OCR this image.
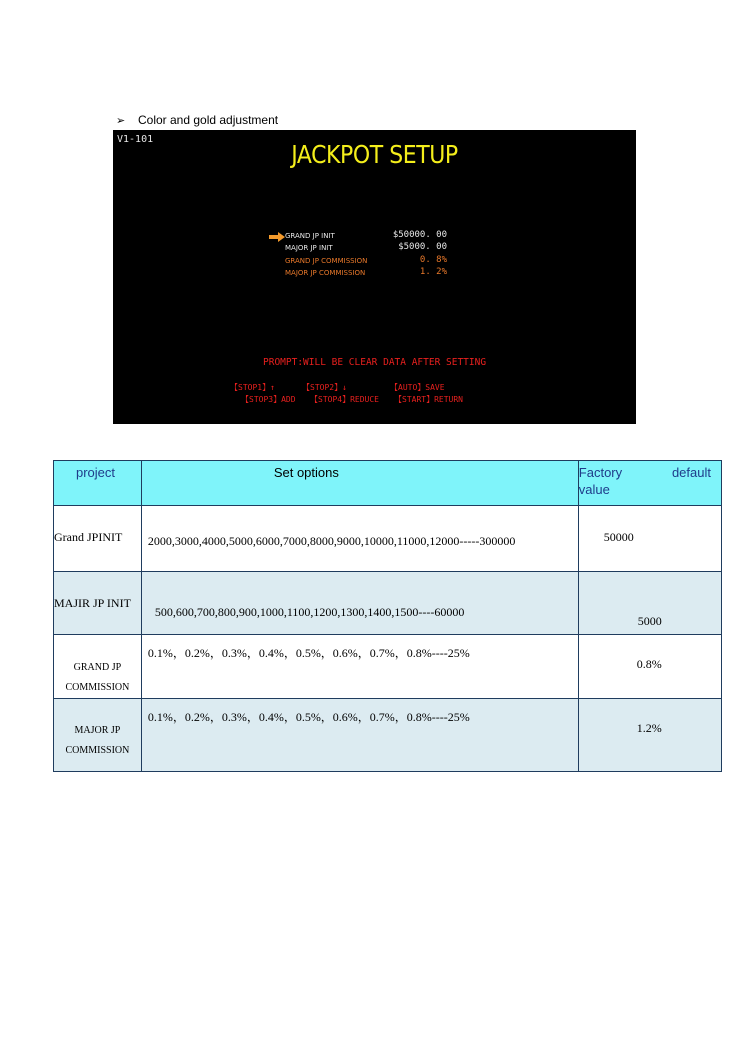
➢	Color and gold adjustment
V1-101
JACKPOT SETUP
GRAND JP INIT	$50000. 00
MAJOR JP INIT	$5000. 00
GRAND JP COMMISSION	0. 8%
MAJOR JP COMMISSION	1. 2%
PROMPT:WILL BE CLEAR DATA AFTER SETTING
【STOP1】↑	【STOP2】↓	【AUTO】SAVE
【STOP3】ADD 【STOP4】REDUCE 【START】RETURN
project	Set options	Factory default
value

Grand JPINIT	2000,3000,4000,5000,6000,7000,8000,9000,10000,11000,12000-----300000	50000

MAJIR JP INIT	500,600,700,800,900,1000,1100,1200,1300,1400,1500----60000	5000

GRAND JP
COMMISSION	0.1%，0.2%，0.3%，0.4%，0.5%，0.6%，0.7%，0.8%----25%	0.8%

MAJOR JP
COMMISSION	0.1%，0.2%，0.3%，0.4%，0.5%，0.6%，0.7%，0.8%----25%	1.2%
